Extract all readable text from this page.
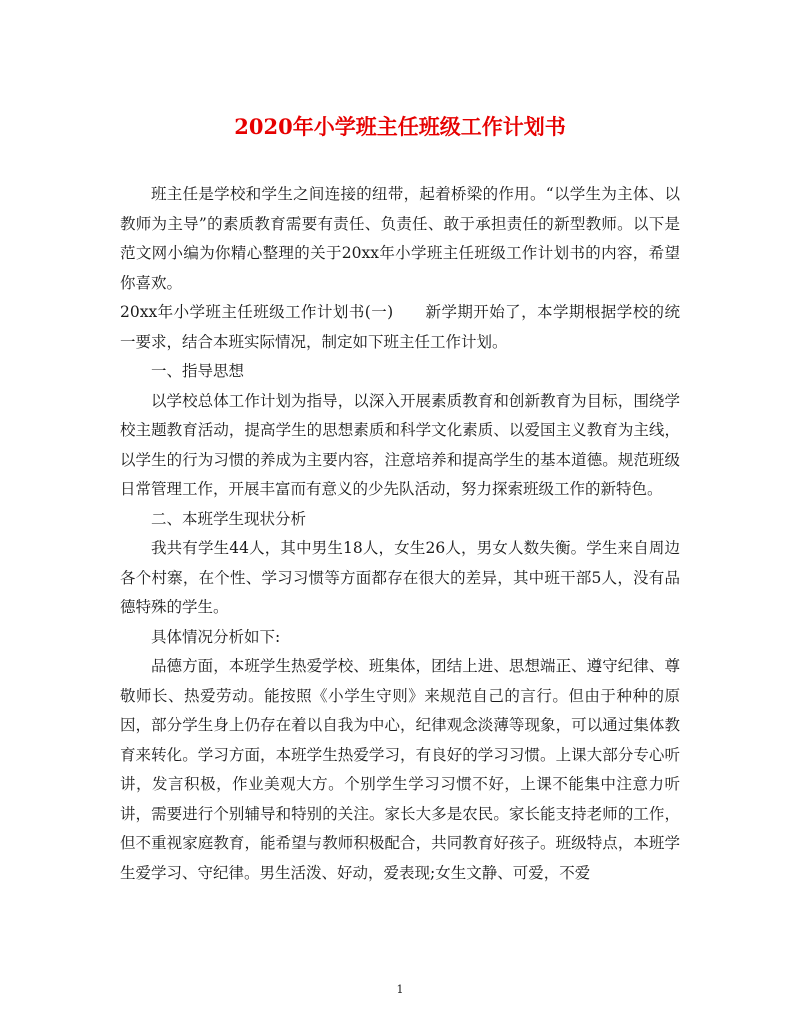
2020年小学班主任班级工作计划书

班主任是学校和学生之间连接的纽带，起着桥梁的作用。“以学生为主体、以教师为主导”的素质教育需要有责任、负责任、敢于承担责任的新型教师。以下是范文网小编为你精心整理的关于20xx年小学班主任班级工作计划书的内容，希望你喜欢。

20xx年小学班主任班级工作计划书(一)　　新学期开始了，本学期根据学校的统一要求，结合本班实际情况，制定如下班主任工作计划。

一、指导思想

以学校总体工作计划为指导，以深入开展素质教育和创新教育为目标，围绕学校主题教育活动，提高学生的思想素质和科学文化素质、以爱国主义教育为主线，以学生的行为习惯的养成为主要内容，注意培养和提高学生的基本道德。规范班级日常管理工作，开展丰富而有意义的少先队活动，努力探索班级工作的新特色。

二、本班学生现状分析

我共有学生44人，其中男生18人，女生26人，男女人数失衡。学生来自周边各个村寨，在个性、学习习惯等方面都存在很大的差异，其中班干部5人，没有品德特殊的学生。

具体情况分析如下:

品德方面，本班学生热爱学校、班集体，团结上进、思想端正、遵守纪律、尊敬师长、热爱劳动。能按照《小学生守则》来规范自己的言行。但由于种种的原因，部分学生身上仍存在着以自我为中心，纪律观念淡薄等现象，可以通过集体教育来转化。学习方面，本班学生热爱学习，有良好的学习习惯。上课大部分专心听讲，发言积极，作业美观大方。个别学生学习习惯不好，上课不能集中注意力听讲，需要进行个别辅导和特别的关注。家长大多是农民。家长能支持老师的工作，但不重视家庭教育，能希望与教师积极配合，共同教育好孩子。班级特点，本班学生爱学习、守纪律。男生活泼、好动，爱表现;女生文静、可爱，不爱

1
